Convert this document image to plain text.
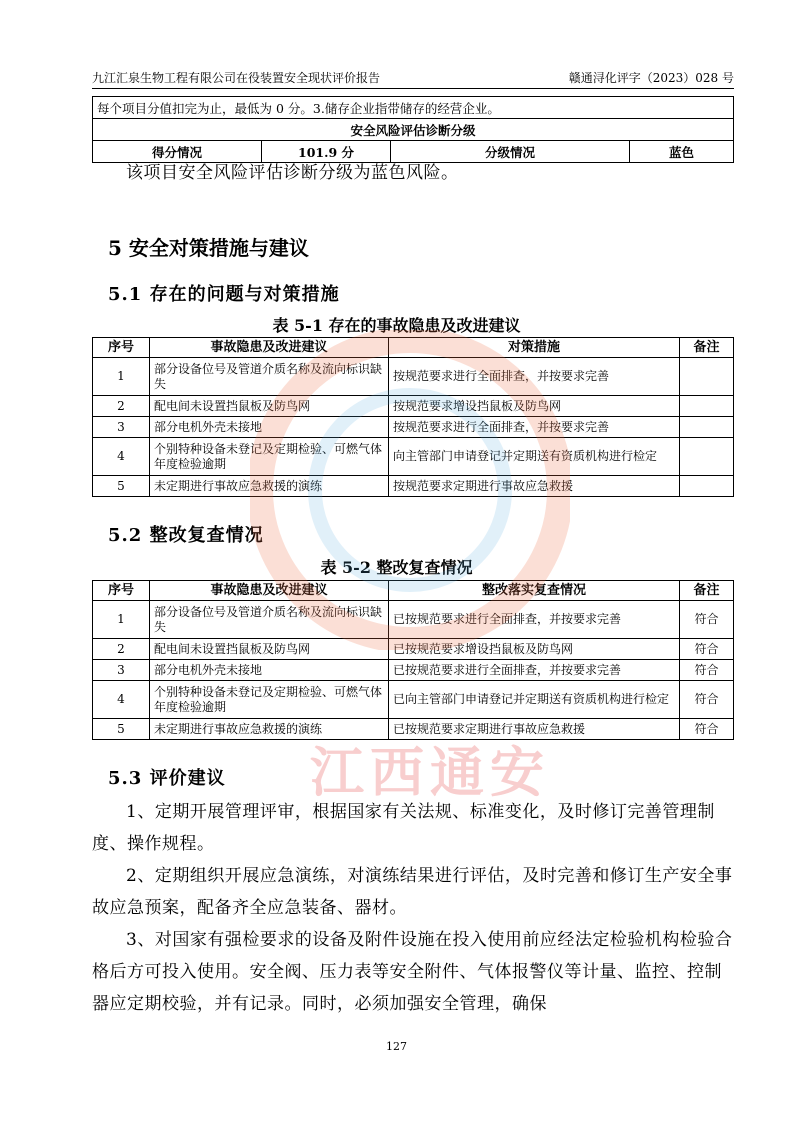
九江汇泉生物工程有限公司在役装置安全现状评价报告	赣通浔化评字（2023）028 号
每个项目分值扣完为止，最低为 0 分。3.储存企业指带储存的经营企业。
安全风险评估诊断分级
得分情况	101.9 分	分级情况	蓝色
该项目安全风险评估诊断分级为蓝色风险。
5 安全对策措施与建议
5.1 存在的问题与对策措施
表 5-1 存在的事故隐患及改进建议
序号	事故隐患及改进建议	对策措施	备注
1	部分设备位号及管道介质名称及流向标识缺失	按规范要求进行全面排查，并按要求完善	
2	配电间未设置挡鼠板及防鸟网	按规范要求增设挡鼠板及防鸟网	
3	部分电机外壳未接地	按规范要求进行全面排查，并按要求完善	
4	个别特种设备未登记及定期检验、可燃气体年度检验逾期	向主管部门申请登记并定期送有资质机构进行检定	
5	未定期进行事故应急救援的演练	按规范要求定期进行事故应急救援	
5.2 整改复查情况
表 5-2 整改复查情况
序号	事故隐患及改进建议	整改落实复查情况	备注
1	部分设备位号及管道介质名称及流向标识缺失	已按规范要求进行全面排查，并按要求完善	符合
2	配电间未设置挡鼠板及防鸟网	已按规范要求增设挡鼠板及防鸟网	符合
3	部分电机外壳未接地	已按规范要求进行全面排查，并按要求完善	符合
4	个别特种设备未登记及定期检验、可燃气体年度检验逾期	已向主管部门申请登记并定期送有资质机构进行检定	符合
5	未定期进行事故应急救援的演练	已按规范要求定期进行事故应急救援	符合
5.3 评价建议
1、定期开展管理评审，根据国家有关法规、标准变化，及时修订完善管理制度、操作规程。
2、定期组织开展应急演练，对演练结果进行评估，及时完善和修订生产安全事故应急预案，配备齐全应急装备、器材。
3、对国家有强检要求的设备及附件设施在投入使用前应经法定检验机构检验合格后方可投入使用。安全阀、压力表等安全附件、气体报警仪等计量、监控、控制器应定期校验，并有记录。同时，必须加强安全管理，确保
127
江西通安
